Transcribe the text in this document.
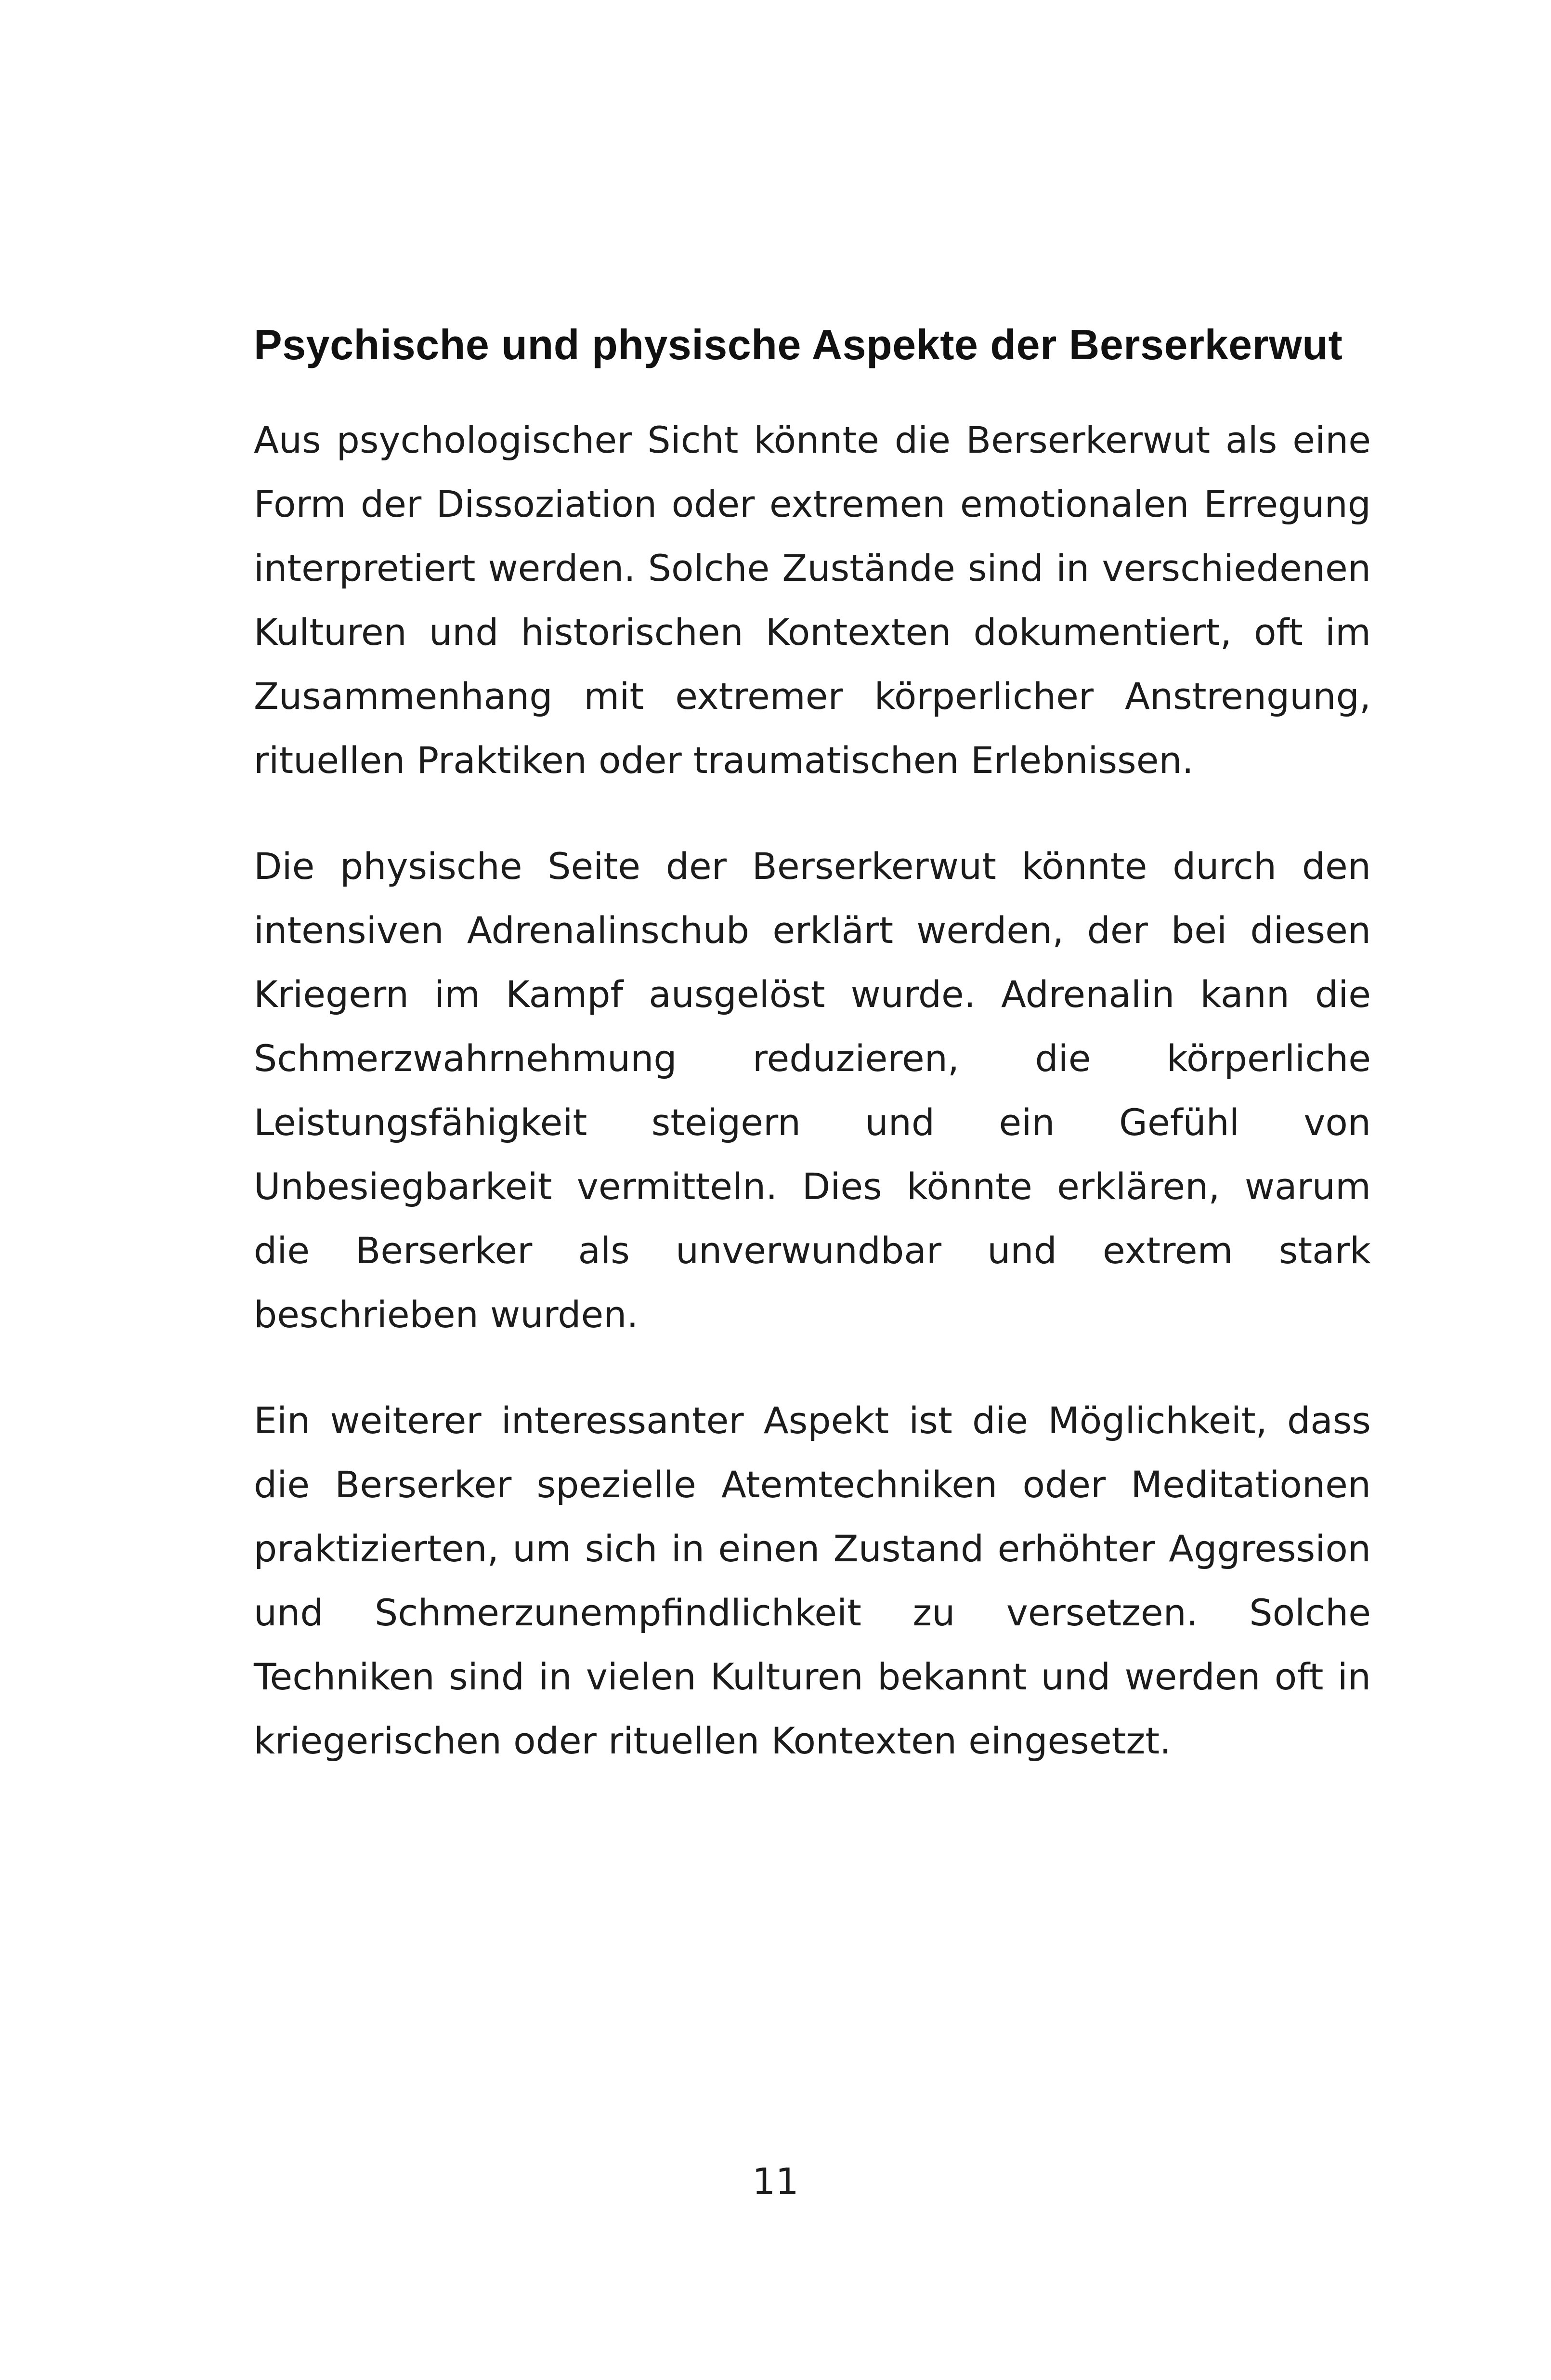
Psychische und physische Aspekte der Berserkerwut

Aus psychologischer Sicht könnte die Berserkerwut als eine Form der Dissoziation oder extremen emotionalen Erregung interpretiert werden. Solche Zustände sind in verschiedenen Kulturen und historischen Kontexten dokumentiert, oft im Zusammenhang mit extremer körperlicher Anstrengung, rituellen Praktiken oder traumatischen Erlebnissen.

Die physische Seite der Berserkerwut könnte durch den intensiven Adrenalinschub erklärt werden, der bei diesen Kriegern im Kampf ausgelöst wurde. Adrenalin kann die Schmerzwahrnehmung reduzieren, die körperliche Leistungsfähigkeit steigern und ein Gefühl von Unbesiegbarkeit vermitteln. Dies könnte erklären, warum die Berserker als unverwundbar und extrem stark beschrieben wurden.

Ein weiterer interessanter Aspekt ist die Möglichkeit, dass die Berserker spezielle Atemtechniken oder Meditationen praktizierten, um sich in einen Zustand erhöhter Aggression und Schmerzunempfindlichkeit zu versetzen. Solche Techniken sind in vielen Kulturen bekannt und werden oft in kriegerischen oder rituellen Kontexten eingesetzt.

11
